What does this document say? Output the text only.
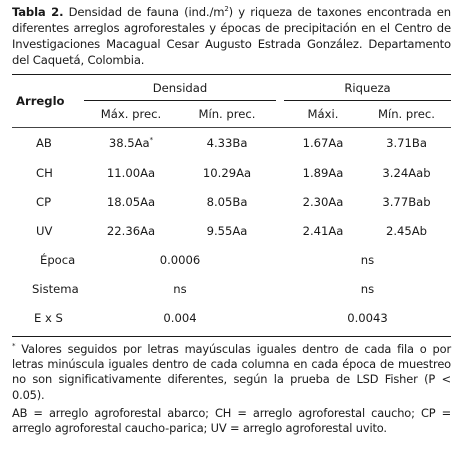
Tabla 2. Densidad de fauna $(ind./m^2)$ y riqueza de taxones encontrada en diferentes arreglos agroforestales y épocas de precipitación en el Centro de Investigaciones Macagual Cesar Augusto Estrada González. Departamento del Caquetá, Colombia.

Arreglo	Densidad			Riqueza	
	Máx. prec.	Mín. prec.		Máxi.	Mín. prec.
AB	38.5Aa*	4.33Ba		1.67Aa	3.71Ba
CH	11.00Aa	10.29Aa		1.89Aa	3.24Aab
CP	18.05Aa	8.05Ba		2.30Aa	3.77Bab
UV	22.36Aa	9.55Aa		2.41Aa	2.45Ab
Época	0.0006			ns	
Sistema	ns			ns	
E x S	0.004			0.0043	

* Valores seguidos por letras mayúsculas iguales dentro de cada fila o por letras minúscula iguales dentro de cada columna en cada época de muestreo no son significativamente diferentes, según la prueba de LSD Fisher (P < 0.05).

AB = arreglo agroforestal abarco; CH = arreglo agroforestal caucho; CP = arreglo agroforestal caucho-parica; UV = arreglo agroforestal uvito.
